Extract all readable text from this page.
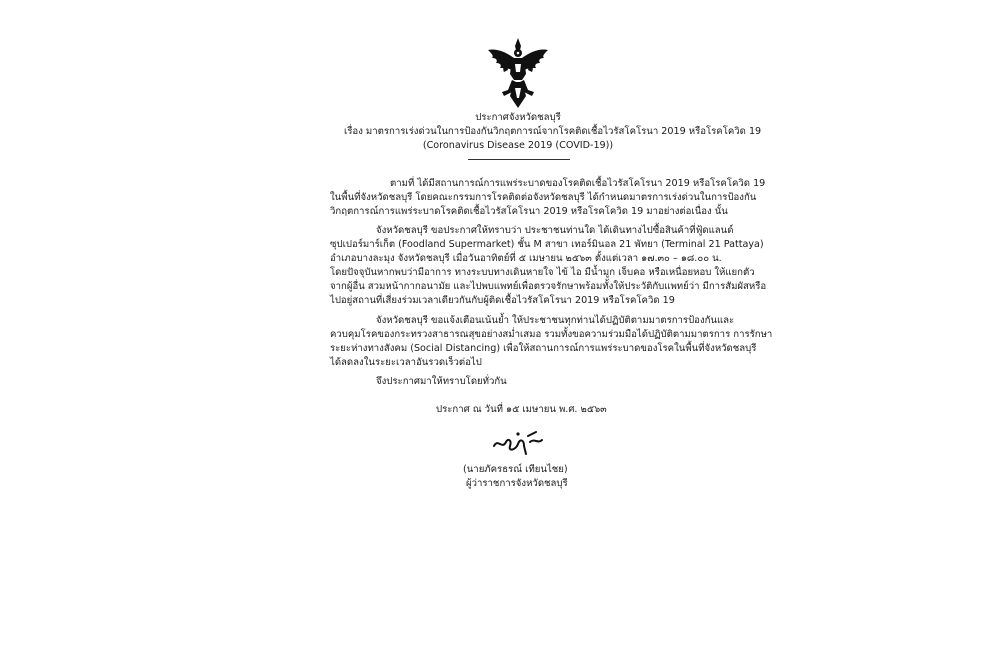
ประกาศจังหวัดชลบุรี
เรื่อง มาตรการเร่งด่วนในการป้องกันวิกฤตการณ์จากโรคติดเชื้อไวรัสโคโรนา 2019 หรือโรคโควิด 19
(Coronavirus Disease 2019 (COVID-19))
ตามที่ ได้มีสถานการณ์การแพร่ระบาดของโรคติดเชื้อไวรัสโคโรนา 2019 หรือโรคโควิด 19
ในพื้นที่จังหวัดชลบุรี โดยคณะกรรมการโรคติดต่อจังหวัดชลบุรี ได้กำหนดมาตรการเร่งด่วนในการป้องกัน
วิกฤตการณ์การแพร่ระบาดโรคติดเชื้อไวรัสโคโรนา 2019 หรือโรคโควิด 19 มาอย่างต่อเนื่อง นั้น
จังหวัดชลบุรี ขอประกาศให้ทราบว่า ประชาชนท่านใด ได้เดินทางไปซื้อสินค้าที่ฟู้ดแลนด์
ซุปเปอร์มาร์เก็ต (Foodland Supermarket) ชั้น M สาขา เทอร์มินอล 21 พัทยา (Terminal 21 Pattaya)
อำเภอบางละมุง จังหวัดชลบุรี เมื่อวันอาทิตย์ที่ ๕ เมษายน ๒๕๖๓ ตั้งแต่เวลา ๑๗.๓๐ – ๑๘.๐๐ น.
โดยปัจจุบันหากพบว่ามีอาการ ทางระบบทางเดินหายใจ ไข้ ไอ มีน้ำมูก เจ็บคอ หรือเหนื่อยหอบ ให้แยกตัว
จากผู้อื่น สวมหน้ากากอนามัย และไปพบแพทย์เพื่อตรวจรักษาพร้อมทั้งให้ประวัติกับแพทย์ว่า มีการสัมผัสหรือ
ไปอยู่สถานที่เสี่ยงร่วมเวลาเดียวกันกับผู้ติดเชื้อไวรัสโคโรนา 2019 หรือโรคโควิด 19
จังหวัดชลบุรี ขอแจ้งเตือนเน้นย้ำ ให้ประชาชนทุกท่านได้ปฏิบัติตามมาตรการป้องกันและ
ควบคุมโรคของกระทรวงสาธารณสุขอย่างสม่ำเสมอ รวมทั้งขอความร่วมมือได้ปฏิบัติตามมาตรการ การรักษา
ระยะห่างทางสังคม (Social Distancing) เพื่อให้สถานการณ์การแพร่ระบาดของโรคในพื้นที่จังหวัดชลบุรี
ได้ลดลงในระยะเวลาอันรวดเร็วต่อไป
จึงประกาศมาให้ทราบโดยทั่วกัน
ประกาศ ณ วันที่ ๑๕ เมษายน พ.ศ. ๒๕๖๓
(นายภัครธรณ์ เทียนไชย)
ผู้ว่าราชการจังหวัดชลบุรี
